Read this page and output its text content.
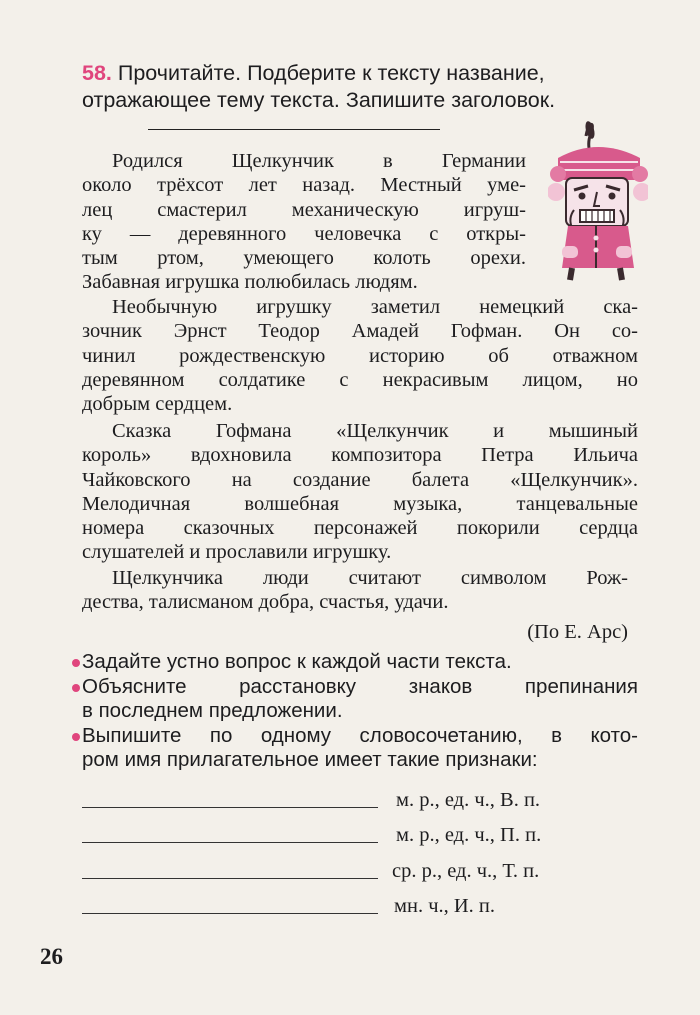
58. Прочитайте. Подберите к тексту название,
отражающее тему текста. Запишите заголовок.
Родился Щелкунчик в Германии
около трёхсот лет назад. Местный уме-
лец смастерил механическую игруш-
ку — деревянного человечка с откры-
тым ртом, умеющего колоть орехи.
Забавная игрушка полюбилась людям.
Необычную игрушку заметил немецкий ска-
зочник Эрнст Теодор Амадей Гофман. Он со-
чинил рождественскую историю об отважном
деревянном солдатике с некрасивым лицом, но
добрым сердцем.
Сказка Гофмана «Щелкунчик и мышиный
король» вдохновила композитора Петра Ильича
Чайковского на создание балета «Щелкунчик».
Мелодичная волшебная музыка, танцевальные
номера сказочных персонажей покорили сердца
слушателей и прославили игрушку.
Щелкунчика люди считают символом Рож-
дества, талисманом добра, счастья, удачи.
(По Е. Арс)
Задайте устно вопрос к каждой части текста.
Объясните расстановку знаков препинания
в последнем предложении.
Выпишите по одному словосочетанию, в кото-
ром имя прилагательное имеет такие признаки:
м. р., ед. ч., В. п.
м. р., ед. ч., П. п.
ср. р., ед. ч., Т. п.
мн. ч., И. п.
26
